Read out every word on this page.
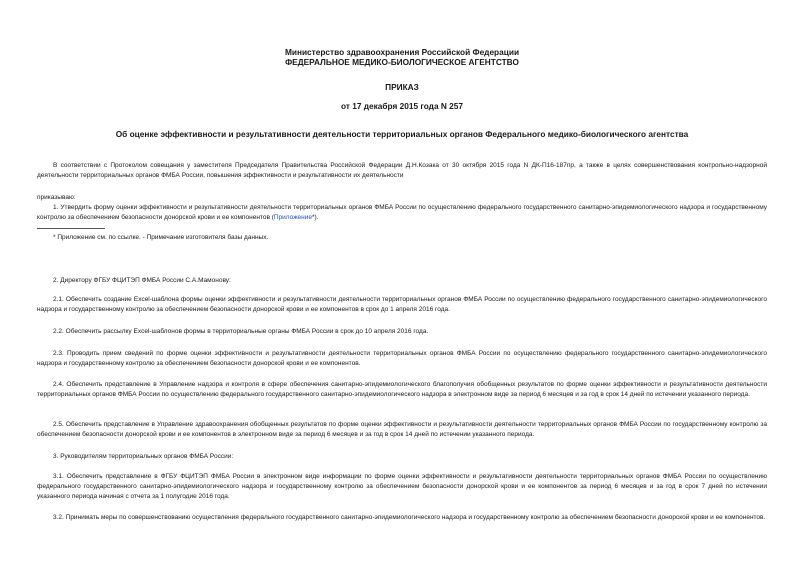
Министерство здравоохранения Российской Федерации
ФЕДЕРАЛЬНОЕ МЕДИКО-БИОЛОГИЧЕСКОЕ АГЕНТСТВО
ПРИКАЗ
от 17 декабря 2015 года N 257
Об оценке эффективности и результативности деятельности территориальных органов Федерального медико-биологического агентства

В соответствии с Протоколом совещания у заместителя Председателя Правительства Российской Федерации Д.Н.Козака от 30 октября 2015 года N ДК-П16-187пр, а также в целях совершенствования контрольно-надзорной деятельности территориальных органов ФМБА России, повышения эффективности и результативности их деятельности

приказываю:

1. Утвердить форму оценки эффективности и результативности деятельности территориальных органов ФМБА России по осуществлению федерального государственного санитарно-эпидемиологического надзора и государственному контролю за обеспечением безопасности донорской крови и ее компонентов (Приложение*).

* Приложение см. по ссылке. - Примечание изготовителя базы данных.

2. Директору ФГБУ ФЦИТЭП ФМБА России С.А.Мамонову:

2.1. Обеспечить создание Excel-шаблона формы оценки эффективности и результативности деятельности территориальных органов ФМБА России по осуществлению федерального государственного санитарно-эпидемиологического надзора и государственному контролю за обеспечением безопасности донорской крови и ее компонентов в срок до 1 апреля 2016 года.

2.2. Обеспечить рассылку Excel-шаблонов формы в территориальные органы ФМБА России в срок до 10 апреля 2016 года.

2.3. Проводить прием сведений по форме оценки эффективности и результативности деятельности территориальных органов ФМБА России по осуществлению федерального государственного санитарно-эпидемиологического надзора и государственному контролю за обеспечением безопасности донорской крови и ее компонентов.

2.4. Обеспечить представление в Управление надзора и контроля в сфере обеспечения санитарно-эпидемиологического благополучия обобщенных результатов по форме оценки эффективности и результативности деятельности территориальных органов ФМБА России по осуществлению федерального государственного санитарно-эпидемиологического надзора в электронном виде за период 6 месяцев и за год в срок 14 дней по истечении указанного периода.

2.5. Обеспечить представление в Управление здравоохранения обобщенных результатов по форме оценки эффективности и результативности деятельности территориальных органов ФМБА России по государственному контролю за обеспечением безопасности донорской крови и ее компонентов в электронном виде за период 6 месяцев и за год в срок 14 дней по истечении указанного периода.

3. Руководителям территориальных органов ФМБА России:

3.1. Обеспечить представление в ФГБУ ФЦИТЭП ФМБА России в электронном виде информации по форме оценки эффективности и результативности деятельности территориальных органов ФМБА России по осуществлению федерального государственного санитарно-эпидемиологического надзора и государственному контролю за обеспечением безопасности донорской крови и ее компонентов за период 6 месяцев и за год в срок 7 дней по истечении указанного периода начиная с отчета за 1 полугодие 2016 года.

3.2. Принимать меры по совершенствованию осуществления федерального государственного санитарно-эпидемиологического надзора и государственному контролю за обеспечением безопасности донорской крови и ее компонентов.
